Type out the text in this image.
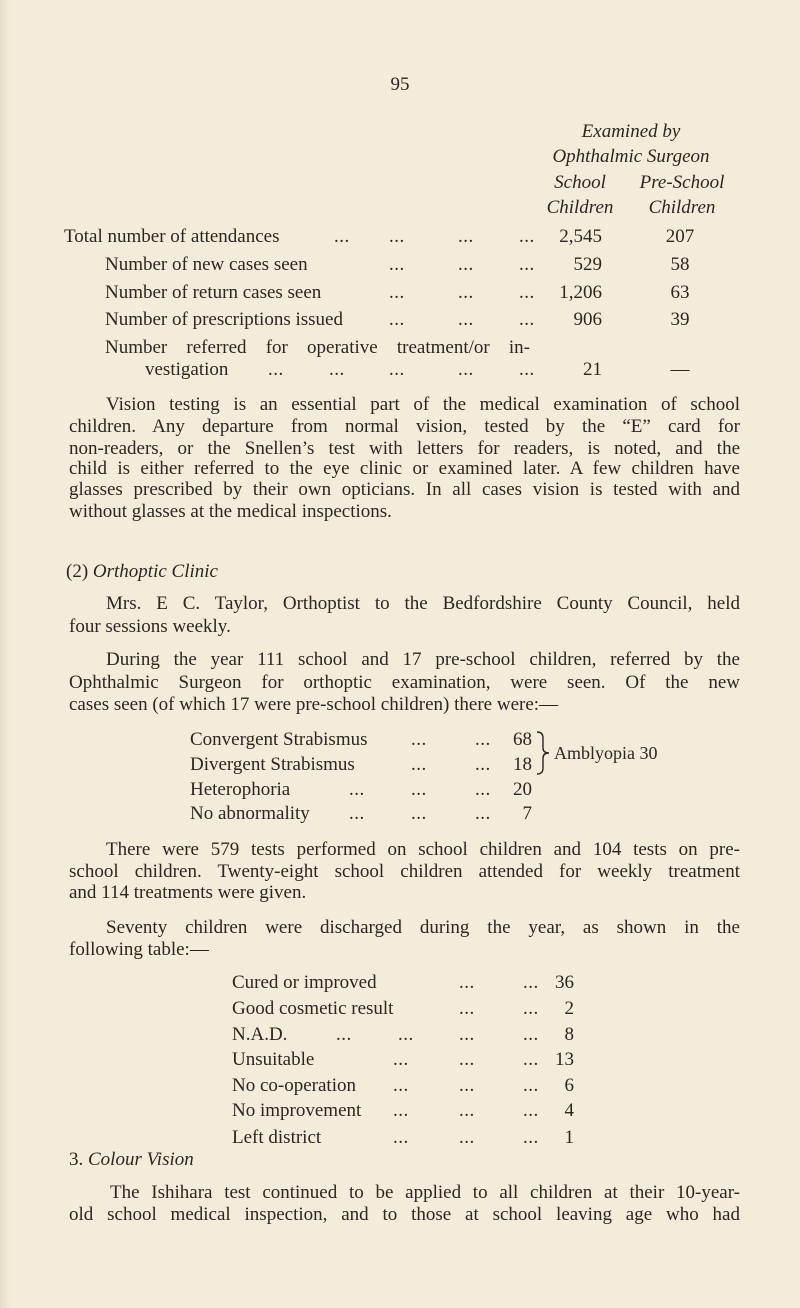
95
Examined by
Ophthalmic Surgeon
School
Children
Pre-School
Children
Total number of attendances	... ...	... ...	2,545	207
Number of new cases seen	...	... ...	529	58
Number of return cases seen	...	... ...	1,206	63
Number of prescriptions issued ...	... ...	906	39
Number referred for operative treatment/or in-
vestigation ... ... ...	... ...	21	—
Vision testing is an essential part of the medical examination of school
children. Any departure from normal vision, tested by the “E” card for
non-readers, or the Snellen’s test with letters for readers, is noted, and the
child is either referred to the eye clinic or examined later. A few children have
glasses prescribed by their own opticians. In all cases vision is tested with and
without glasses at the medical inspections.
(2) Orthoptic Clinic
Mrs. E C. Taylor, Orthoptist to the Bedfordshire County Council, held
four sessions weekly.
During the year 111 school and 17 pre-school children, referred by the
Ophthalmic Surgeon for orthoptic examination, were seen. Of the new
cases seen (of which 17 were pre-school children) there were:—
Convergent Strabismus ...	...	68
Divergent Strabismus	...	...	18
Heterophoria	... ...	...	20
No abnormality ... ...	...	7
Amblyopia 30
There were 579 tests performed on school children and 104 tests on pre-
school children. Twenty-eight school children attended for weekly treatment
and 114 treatments were given.
Seventy children were discharged during the year, as shown in the
following table:—
Cured or improved	...	... 36
Good cosmetic result	...	...	2
N.A.D.	... ... ...	...	8
Unsuitable	...	...	... 13
No co-operation ...	...	...	6
No improvement ...	...	...	4
Left district	...	...	...	1
3. Colour Vision
The Ishihara test continued to be applied to all children at their 10-year-
old school medical inspection, and to those at school leaving age who had
